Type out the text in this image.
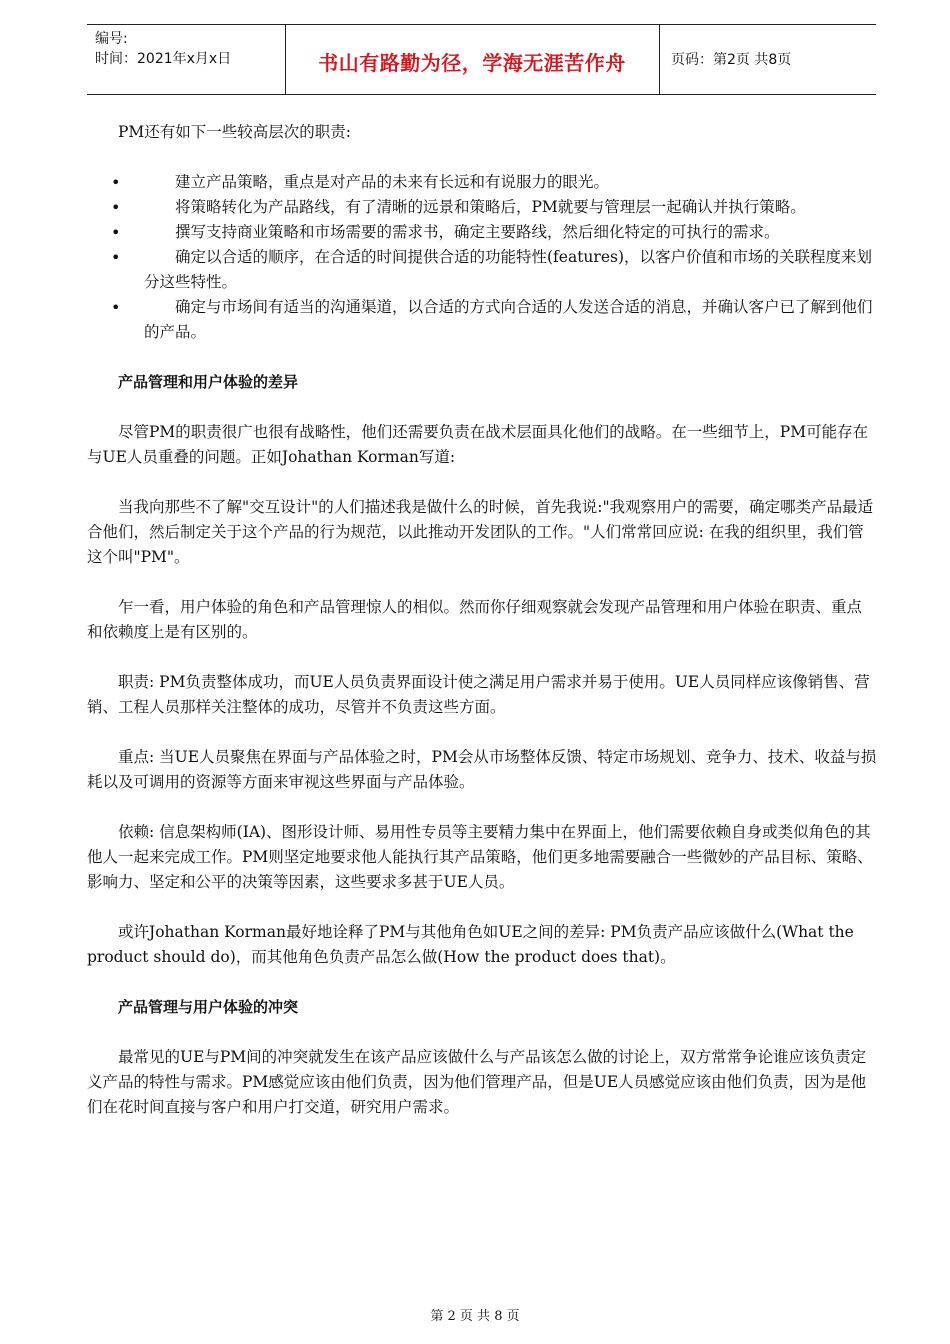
编号:
时间：2021年x月x日	书山有路勤为径，学海无涯苦作舟	页码：第2页 共8页

PM还有如下一些较高层次的职责:

•	建立产品策略，重点是对产品的未来有长远和有说服力的眼光。
•	将策略转化为产品路线，有了清晰的远景和策略后，PM就要与管理层一起确认并执行策略。
•	撰写支持商业策略和市场需要的需求书，确定主要路线，然后细化特定的可执行的需求。
•	确定以合适的顺序，在合适的时间提供合适的功能特性(features)，以客户价值和市场的关联程度来划分这些特性。
•	确定与市场间有适当的沟通渠道，以合适的方式向合适的人发送合适的消息，并确认客户已了解到他们的产品。

产品管理和用户体验的差异

尽管PM的职责很广也很有战略性，他们还需要负责在战术层面具化他们的战略。在一些细节上，PM可能存在与UE人员重叠的问题。正如Johathan Korman写道:

当我向那些不了解"交互设计"的人们描述我是做什么的时候，首先我说:"我观察用户的需要，确定哪类产品最适合他们，然后制定关于这个产品的行为规范，以此推动开发团队的工作。"人们常常回应说: 在我的组织里，我们管这个叫"PM"。

乍一看，用户体验的角色和产品管理惊人的相似。然而你仔细观察就会发现产品管理和用户体验在职责、重点和依赖度上是有区别的。

职责: PM负责整体成功，而UE人员负责界面设计使之满足用户需求并易于使用。UE人员同样应该像销售、营销、工程人员那样关注整体的成功，尽管并不负责这些方面。

重点: 当UE人员聚焦在界面与产品体验之时，PM会从市场整体反馈、特定市场规划、竞争力、技术、收益与损耗以及可调用的资源等方面来审视这些界面与产品体验。

依赖: 信息架构师(IA)、图形设计师、易用性专员等主要精力集中在界面上，他们需要依赖自身或类似角色的其他人一起来完成工作。PM则坚定地要求他人能执行其产品策略，他们更多地需要融合一些微妙的产品目标、策略、影响力、坚定和公平的决策等因素，这些要求多甚于UE人员。

或许Johathan Korman最好地诠释了PM与其他角色如UE之间的差异: PM负责产品应该做什么(What the product should do)，而其他角色负责产品怎么做(How the product does that)。

产品管理与用户体验的冲突

最常见的UE与PM间的冲突就发生在该产品应该做什么与产品该怎么做的讨论上，双方常常争论谁应该负责定义产品的特性与需求。PM感觉应该由他们负责，因为他们管理产品，但是UE人员感觉应该由他们负责，因为是他们在花时间直接与客户和用户打交道，研究用户需求。

第 2 页 共 8 页
